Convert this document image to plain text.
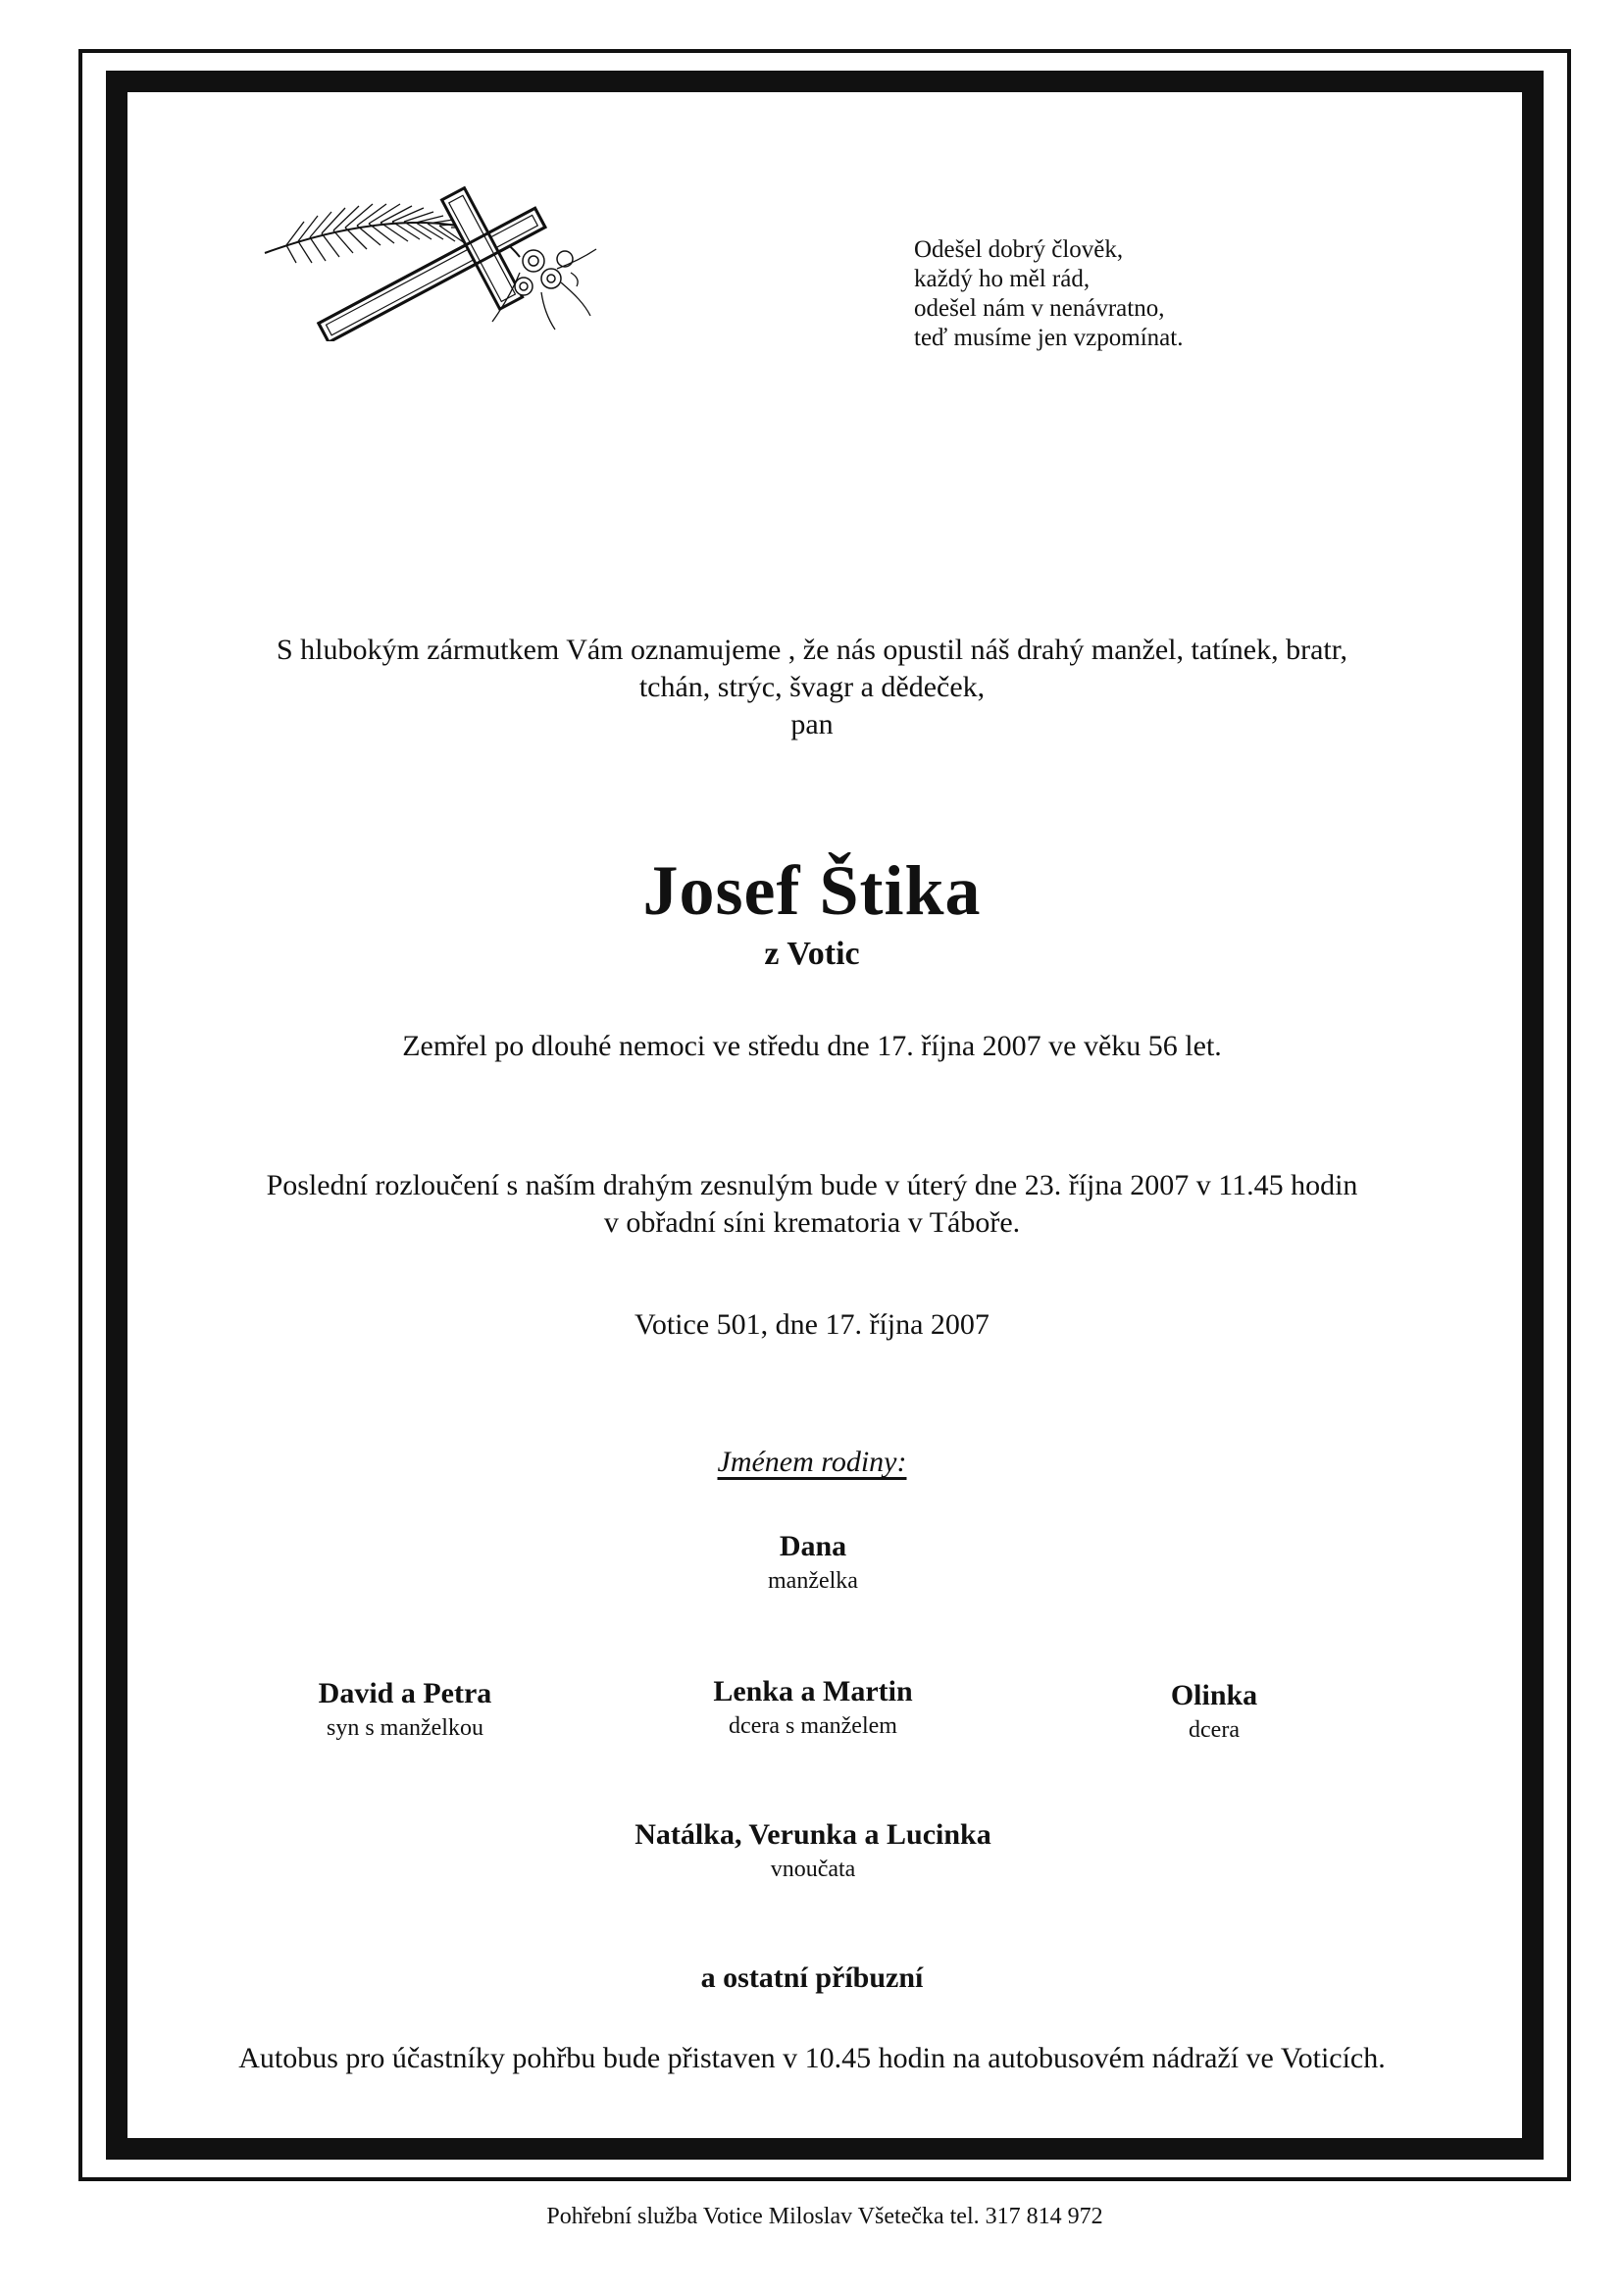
Odešel dobrý člověk,
každý ho měl rád,
odešel nám v nenávratno,
teď musíme jen vzpomínat.
S hlubokým zármutkem Vám oznamujeme , že nás opustil náš drahý manžel, tatínek, bratr,
tchán, strýc, švagr a dědeček,
pan
Josef Štika
z Votic
Zemřel po dlouhé nemoci ve středu dne 17. října 2007 ve věku 56 let.
Poslední rozloučení s naším drahým zesnulým bude v úterý dne 23. října 2007 v 11.45 hodin
v obřadní síni krematoria v Táboře.
Votice 501, dne 17. října 2007
Jménem rodiny:
Dana
manželka
David a Petra
syn s manželkou
Lenka a Martin
dcera s manželem
Olinka
dcera
Natálka, Verunka a Lucinka
vnoučata
a ostatní příbuzní
Autobus pro účastníky pohřbu bude přistaven v 10.45 hodin na autobusovém nádraží ve Voticích.
Pohřební služba Votice Miloslav Všetečka tel. 317 814 972
